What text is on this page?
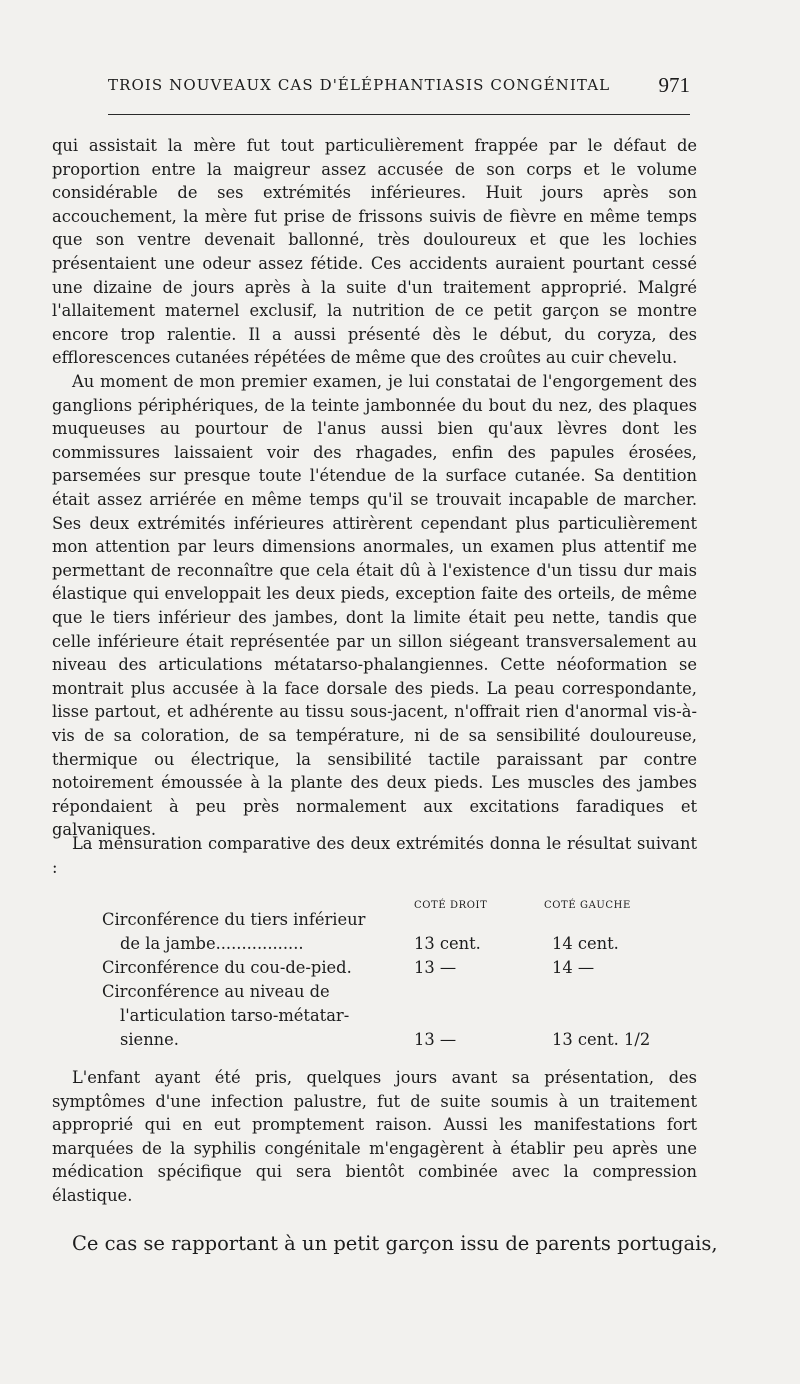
TROIS NOUVEAUX CAS D'ÉLÉPHANTIASIS CONGÉNITAL 971

qui assistait la mère fut tout particulièrement frappée par le défaut de proportion entre la maigreur assez accusée de son corps et le volume considérable de ses extrémités inférieures. Huit jours après son accouchement, la mère fut prise de frissons suivis de fièvre en même temps que son ventre devenait ballonné, très douloureux et que les lochies présentaient une odeur assez fétide. Ces accidents auraient pourtant cessé une dizaine de jours après à la suite d'un traitement approprié. Malgré l'allaitement maternel exclusif, la nutrition de ce petit garçon se montre encore trop ralentie. Il a aussi présenté dès le début, du coryza, des efflorescences cutanées répétées de même que des croûtes au cuir chevelu.

Au moment de mon premier examen, je lui constatai de l'engorgement des ganglions périphériques, de la teinte jambonnée du bout du nez, des plaques muqueuses au pourtour de l'anus aussi bien qu'aux lèvres dont les commissures laissaient voir des rhagades, enfin des papules érosées, parsemées sur presque toute l'étendue de la surface cutanée. Sa dentition était assez arriérée en même temps qu'il se trouvait incapable de marcher. Ses deux extrémités inférieures attirèrent cependant plus particulièrement mon attention par leurs dimensions anormales, un examen plus attentif me permettant de reconnaître que cela était dû à l'existence d'un tissu dur mais élastique qui enveloppait les deux pieds, exception faite des orteils, de même que le tiers inférieur des jambes, dont la limite était peu nette, tandis que celle inférieure était représentée par un sillon siégeant transversalement au niveau des articulations métatarso-phalangiennes. Cette néoformation se montrait plus accusée à la face dorsale des pieds. La peau correspondante, lisse partout, et adhérente au tissu sous-jacent, n'offrait rien d'anormal vis-à-vis de sa coloration, de sa température, ni de sa sensibilité douloureuse, thermique ou électrique, la sensibilité tactile paraissant par contre notoirement émoussée à la plante des deux pieds. Les muscles des jambes répondaient à peu près normalement aux excitations faradiques et galvaniques.

La mensuration comparative des deux extrémités donna le résultat suivant :

COTÉ DROIT	COTÉ GAUCHE
Circonférence du tiers inférieur
de la jambe.................	13 cent.	14 cent.
Circonférence du cou-de-pied.	13 —	14 —
Circonférence au niveau de
l'articulation tarso-métatar-
sienne.	13 —	13 cent. 1/2

L'enfant ayant été pris, quelques jours avant sa présentation, des symptômes d'une infection palustre, fut de suite soumis à un traitement approprié qui en eut promptement raison. Aussi les manifestations fort marquées de la syphilis congénitale m'engagèrent à établir peu après une médication spécifique qui sera bientôt combinée avec la compression élastique.

Ce cas se rapportant à un petit garçon issu de parents portugais,
